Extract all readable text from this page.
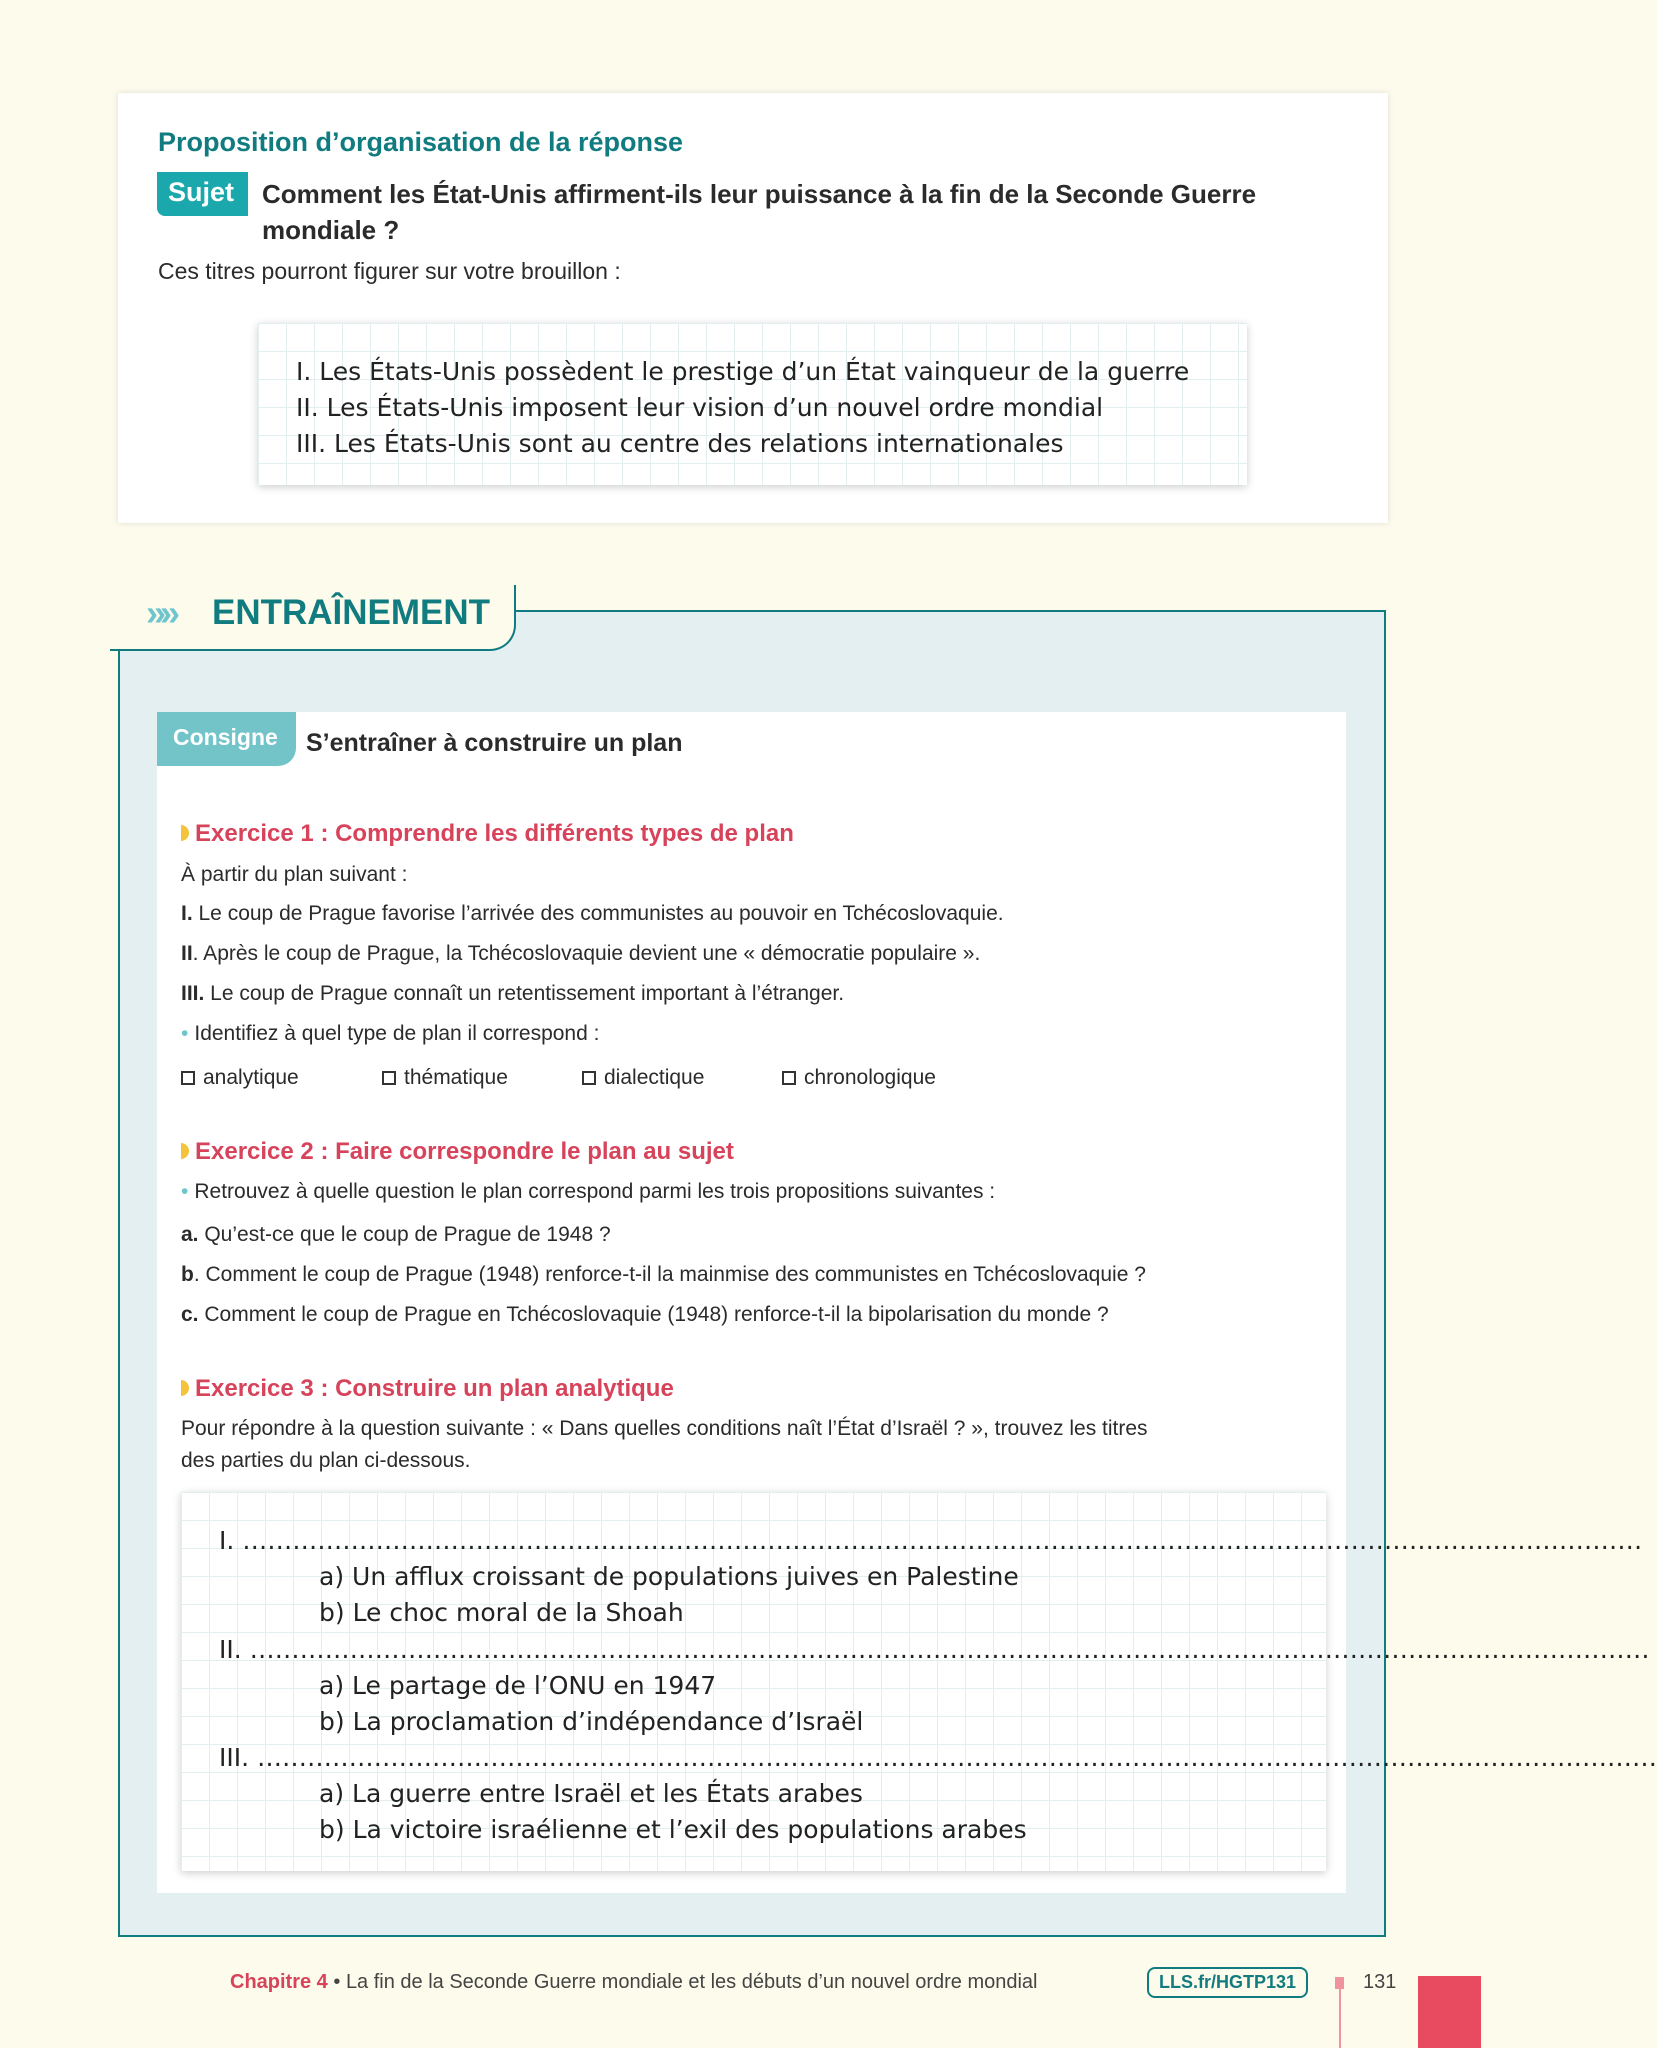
Proposition d’organisation de la réponse
Sujet	Comment les État-Unis affirment-ils leur puissance à la fin de la Seconde Guerre
mondiale ?
Ces titres pourront figurer sur votre brouillon :
I. Les États-Unis possèdent le prestige d’un État vainqueur de la guerre
II. Les États-Unis imposent leur vision d’un nouvel ordre mondial
III. Les États-Unis sont au centre des relations internationales
»» ENTRAÎNEMENT
Consigne	S’entraîner à construire un plan
Exercice 1 : Comprendre les différents types de plan
À partir du plan suivant :
I. Le coup de Prague favorise l’arrivée des communistes au pouvoir en Tchécoslovaquie.
II. Après le coup de Prague, la Tchécoslovaquie devient une « démocratie populaire ».
III. Le coup de Prague connaît un retentissement important à l’étranger.
• Identifiez à quel type de plan il correspond :
analytique	thématique	dialectique	chronologique
Exercice 2 : Faire correspondre le plan au sujet
• Retrouvez à quelle question le plan correspond parmi les trois propositions suivantes :
a. Qu’est-ce que le coup de Prague de 1948 ?
b. Comment le coup de Prague (1948) renforce-t-il la mainmise des communistes en Tchécoslovaquie ?
c. Comment le coup de Prague en Tchécoslovaquie (1948) renforce-t-il la bipolarisation du monde ?
Exercice 3 : Construire un plan analytique
Pour répondre à la question suivante : « Dans quelles conditions naît l’État d’Israël ? », trouvez les titres
des parties du plan ci-dessous.
I. ……………………………………………………………………………………………………………………………………………………
a) Un afflux croissant de populations juives en Palestine
b) Le choc moral de la Shoah
II. ……………………………………………………………………………………………………………………………………………………
a) Le partage de l’ONU en 1947
b) La proclamation d’indépendance d’Israël
III. ……………………………………………………………………………………………………………………………………………………
a) La guerre entre Israël et les États arabes
b) La victoire israélienne et l’exil des populations arabes
Chapitre 4 • La fin de la Seconde Guerre mondiale et les débuts d’un nouvel ordre mondial	LLS.fr/HGTP131	131
